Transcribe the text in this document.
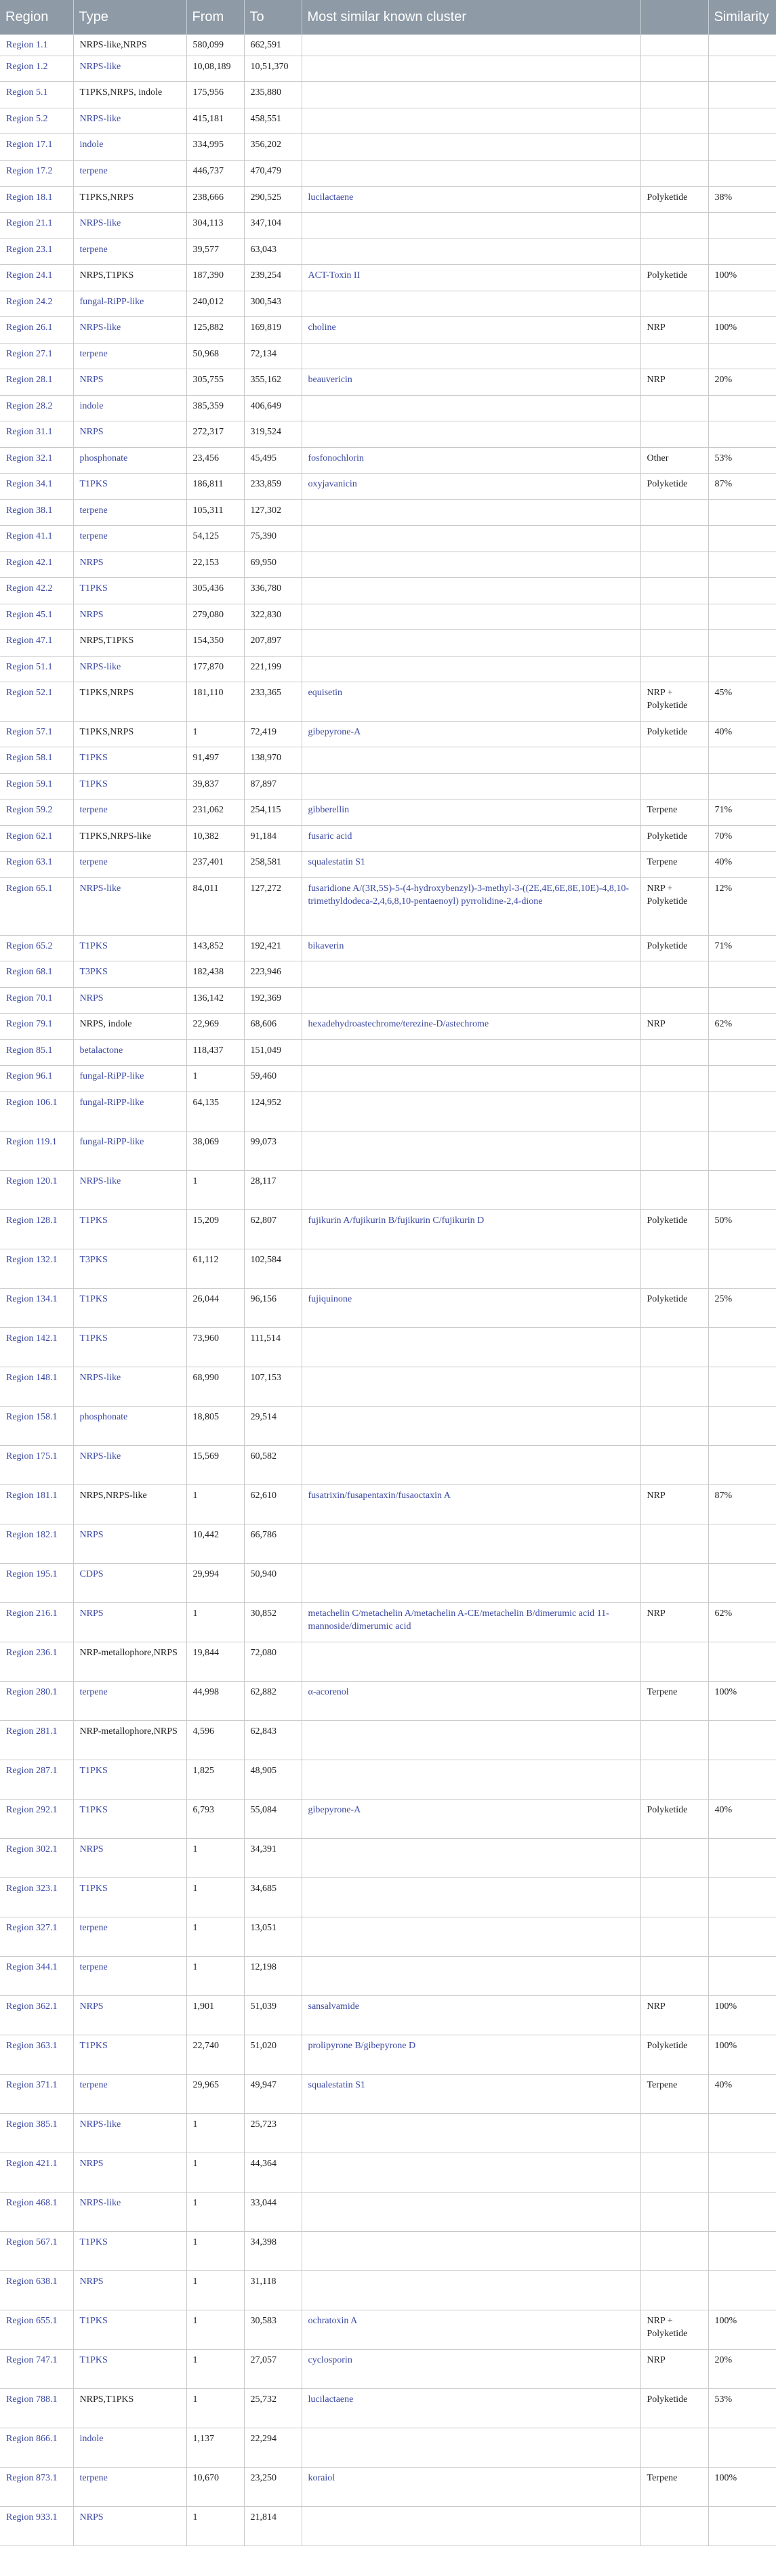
Region	Type	From	To	Most similar known cluster		Similarity
Region 1.1	NRPS-like,NRPS	580,099	662,591			
Region 1.2	NRPS-like	10,08,189	10,51,370			
Region 5.1	T1PKS,NRPS, indole	175,956	235,880			
Region 5.2	NRPS-like	415,181	458,551			
Region 17.1	indole	334,995	356,202			
Region 17.2	terpene	446,737	470,479			
Region 18.1	T1PKS,NRPS	238,666	290,525	lucilactaene	Polyketide	38%
Region 21.1	NRPS-like	304,113	347,104			
Region 23.1	terpene	39,577	63,043			
Region 24.1	NRPS,T1PKS	187,390	239,254	ACT-Toxin II	Polyketide	100%
Region 24.2	fungal-RiPP-like	240,012	300,543			
Region 26.1	NRPS-like	125,882	169,819	choline	NRP	100%
Region 27.1	terpene	50,968	72,134			
Region 28.1	NRPS	305,755	355,162	beauvericin	NRP	20%
Region 28.2	indole	385,359	406,649			
Region 31.1	NRPS	272,317	319,524			
Region 32.1	phosphonate	23,456	45,495	fosfonochlorin	Other	53%
Region 34.1	T1PKS	186,811	233,859	oxyjavanicin	Polyketide	87%
Region 38.1	terpene	105,311	127,302			
Region 41.1	terpene	54,125	75,390			
Region 42.1	NRPS	22,153	69,950			
Region 42.2	T1PKS	305,436	336,780			
Region 45.1	NRPS	279,080	322,830			
Region 47.1	NRPS,T1PKS	154,350	207,897			
Region 51.1	NRPS-like	177,870	221,199			
Region 52.1	T1PKS,NRPS	181,110	233,365	equisetin	NRP + Polyketide	45%
Region 57.1	T1PKS,NRPS	1	72,419	gibepyrone-A	Polyketide	40%
Region 58.1	T1PKS	91,497	138,970			
Region 59.1	T1PKS	39,837	87,897			
Region 59.2	terpene	231,062	254,115	gibberellin	Terpene	71%
Region 62.1	T1PKS,NRPS-like	10,382	91,184	fusaric acid	Polyketide	70%
Region 63.1	terpene	237,401	258,581	squalestatin S1	Terpene	40%
Region 65.1	NRPS-like	84,011	127,272	fusaridione A/(3R,5S)-5-(4-hydroxybenzyl)-3-methyl-3-((2E,4E,6E,8E,10E)-4,8,10-trimethyldodeca-2,4,6,8,10-pentaenoyl) pyrrolidine-2,4-dione	NRP + Polyketide	12%
Region 65.2	T1PKS	143,852	192,421	bikaverin	Polyketide	71%
Region 68.1	T3PKS	182,438	223,946			
Region 70.1	NRPS	136,142	192,369			
Region 79.1	NRPS, indole	22,969	68,606	hexadehydroastechrome/terezine-D/astechrome	NRP	62%
Region 85.1	betalactone	118,437	151,049			
Region 96.1	fungal-RiPP-like	1	59,460			
Region 106.1	fungal-RiPP-like	64,135	124,952			
Region 119.1	fungal-RiPP-like	38,069	99,073			
Region 120.1	NRPS-like	1	28,117			
Region 128.1	T1PKS	15,209	62,807	fujikurin A/fujikurin B/fujikurin C/fujikurin D	Polyketide	50%
Region 132.1	T3PKS	61,112	102,584			
Region 134.1	T1PKS	26,044	96,156	fujiquinone	Polyketide	25%
Region 142.1	T1PKS	73,960	111,514			
Region 148.1	NRPS-like	68,990	107,153			
Region 158.1	phosphonate	18,805	29,514			
Region 175.1	NRPS-like	15,569	60,582			
Region 181.1	NRPS,NRPS-like	1	62,610	fusatrixin/fusapentaxin/fusaoctaxin A	NRP	87%
Region 182.1	NRPS	10,442	66,786			
Region 195.1	CDPS	29,994	50,940			
Region 216.1	NRPS	1	30,852	metachelin C/metachelin A/metachelin A-CE/metachelin B/dimerumic acid 11-mannoside/dimerumic acid	NRP	62%
Region 236.1	NRP-metallophore,NRPS	19,844	72,080			
Region 280.1	terpene	44,998	62,882	α-acorenol	Terpene	100%
Region 281.1	NRP-metallophore,NRPS	4,596	62,843			
Region 287.1	T1PKS	1,825	48,905			
Region 292.1	T1PKS	6,793	55,084	gibepyrone-A	Polyketide	40%
Region 302.1	NRPS	1	34,391			
Region 323.1	T1PKS	1	34,685			
Region 327.1	terpene	1	13,051			
Region 344.1	terpene	1	12,198			
Region 362.1	NRPS	1,901	51,039	sansalvamide	NRP	100%
Region 363.1	T1PKS	22,740	51,020	prolipyrone B/gibepyrone D	Polyketide	100%
Region 371.1	terpene	29,965	49,947	squalestatin S1	Terpene	40%
Region 385.1	NRPS-like	1	25,723			
Region 421.1	NRPS	1	44,364			
Region 468.1	NRPS-like	1	33,044			
Region 567.1	T1PKS	1	34,398			
Region 638.1	NRPS	1	31,118			
Region 655.1	T1PKS	1	30,583	ochratoxin A	NRP + Polyketide	100%
Region 747.1	T1PKS	1	27,057	cyclosporin	NRP	20%
Region 788.1	NRPS,T1PKS	1	25,732	lucilactaene	Polyketide	53%
Region 866.1	indole	1,137	22,294			
Region 873.1	terpene	10,670	23,250	koraiol	Terpene	100%
Region 933.1	NRPS	1	21,814			
